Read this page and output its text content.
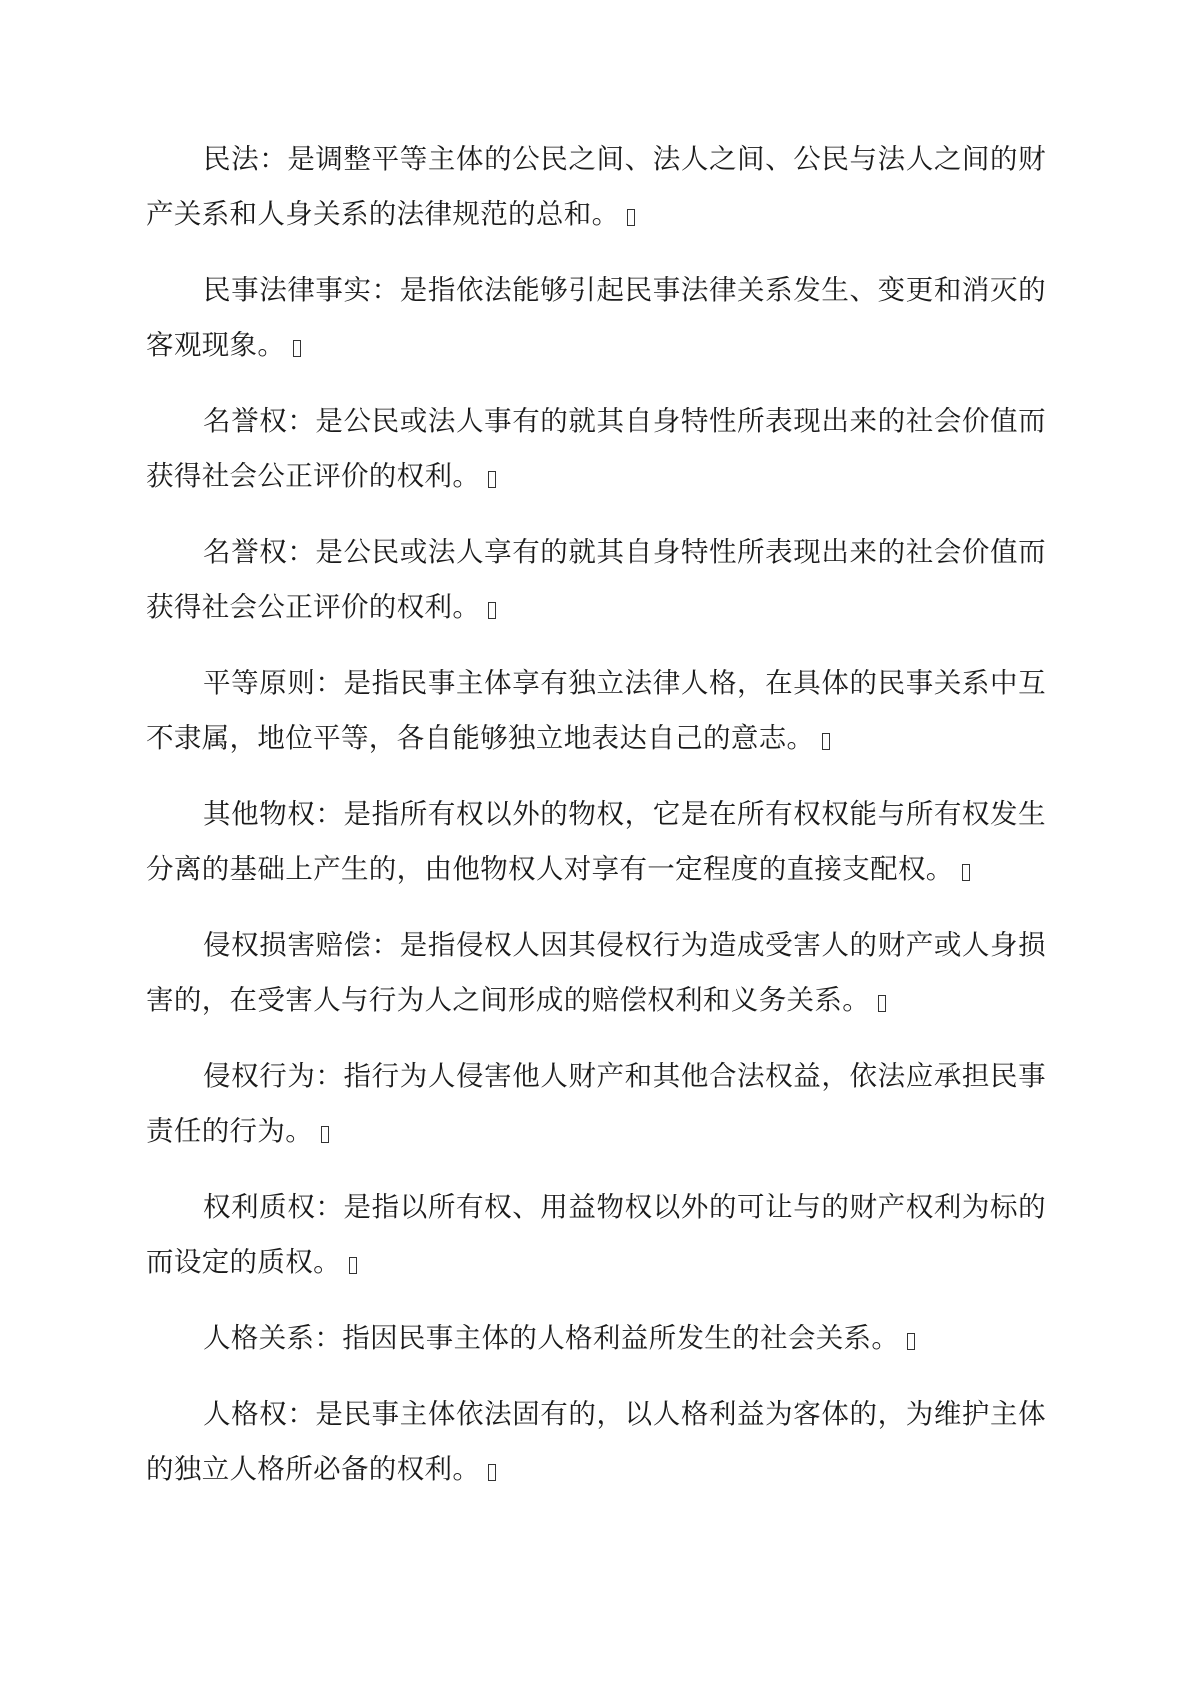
民法：是调整平等主体的公民之间、法人之间、公民与法人之间的财产关系和人身关系的法律规范的总和。

民事法律事实：是指依法能够引起民事法律关系发生、变更和消灭的客观现象。

名誉权：是公民或法人事有的就其自身特性所表现出来的社会价值而获得社会公正评价的权利。

名誉权：是公民或法人享有的就其自身特性所表现出来的社会价值而获得社会公正评价的权利。

平等原则：是指民事主体享有独立法律人格，在具体的民事关系中互不隶属，地位平等，各自能够独立地表达自己的意志。

其他物权：是指所有权以外的物权，它是在所有权权能与所有权发生分离的基础上产生的，由他物权人对享有一定程度的直接支配权。

侵权损害赔偿：是指侵权人因其侵权行为造成受害人的财产或人身损害的，在受害人与行为人之间形成的赔偿权利和义务关系。

侵权行为：指行为人侵害他人财产和其他合法权益，依法应承担民事责任的行为。

权利质权：是指以所有权、用益物权以外的可让与的财产权利为标的而设定的质权。

人格关系：指因民事主体的人格利益所发生的社会关系。

人格权：是民事主体依法固有的，以人格利益为客体的，为维护主体的独立人格所必备的权利。
